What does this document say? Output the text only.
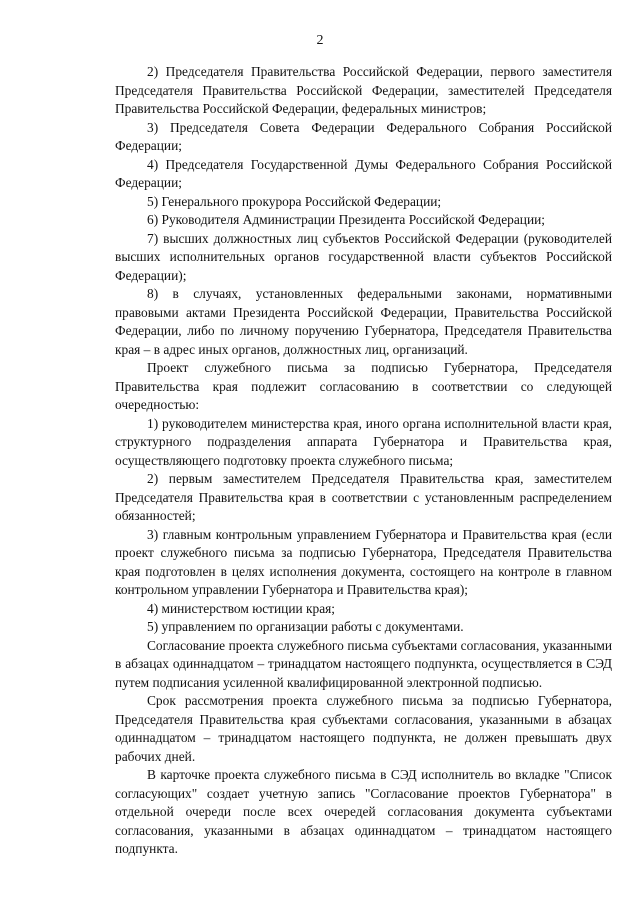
2

2) Председателя Правительства Российской Федерации, первого заместителя Председателя Правительства Российской Федерации, заместителей Председателя Правительства Российской Федерации, федеральных министров;

3) Председателя Совета Федерации Федерального Собрания Российской Федерации;

4) Председателя Государственной Думы Федерального Собрания Российской Федерации;

5) Генерального прокурора Российской Федерации;

6) Руководителя Администрации Президента Российской Федерации;

7) высших должностных лиц субъектов Российской Федерации (руководителей высших исполнительных органов государственной власти субъектов Российской Федерации);

8) в случаях, установленных федеральными законами, нормативными правовыми актами Президента Российской Федерации, Правительства Российской Федерации, либо по личному поручению Губернатора, Председателя Правительства края – в адрес иных органов, должностных лиц, организаций.

Проект служебного письма за подписью Губернатора, Председателя Правительства края подлежит согласованию в соответствии со следующей очередностью:

1) руководителем министерства края, иного органа исполнительной власти края, структурного подразделения аппарата Губернатора и Правительства края, осуществляющего подготовку проекта служебного письма;

2) первым заместителем Председателя Правительства края, заместителем Председателя Правительства края в соответствии с установленным распределением обязанностей;

3) главным контрольным управлением Губернатора и Правительства края (если проект служебного письма за подписью Губернатора, Председателя Правительства края подготовлен в целях исполнения документа, состоящего на контроле в главном контрольном управлении Губернатора и Правительства края);

4) министерством юстиции края;

5) управлением по организации работы с документами.

Согласование проекта служебного письма субъектами согласования, указанными в абзацах одиннадцатом – тринадцатом настоящего подпункта, осуществляется в СЭД путем подписания усиленной квалифицированной электронной подписью.

Срок рассмотрения проекта служебного письма за подписью Губернатора, Председателя Правительства края субъектами согласования, указанными в абзацах одиннадцатом – тринадцатом настоящего подпункта, не должен превышать двух рабочих дней.

В карточке проекта служебного письма в СЭД исполнитель во вкладке "Список согласующих" создает учетную запись "Согласование проектов Губернатора" в отдельной очереди после всех очередей согласования документа субъектами согласования, указанными в абзацах одиннадцатом – тринадцатом настоящего подпункта.
